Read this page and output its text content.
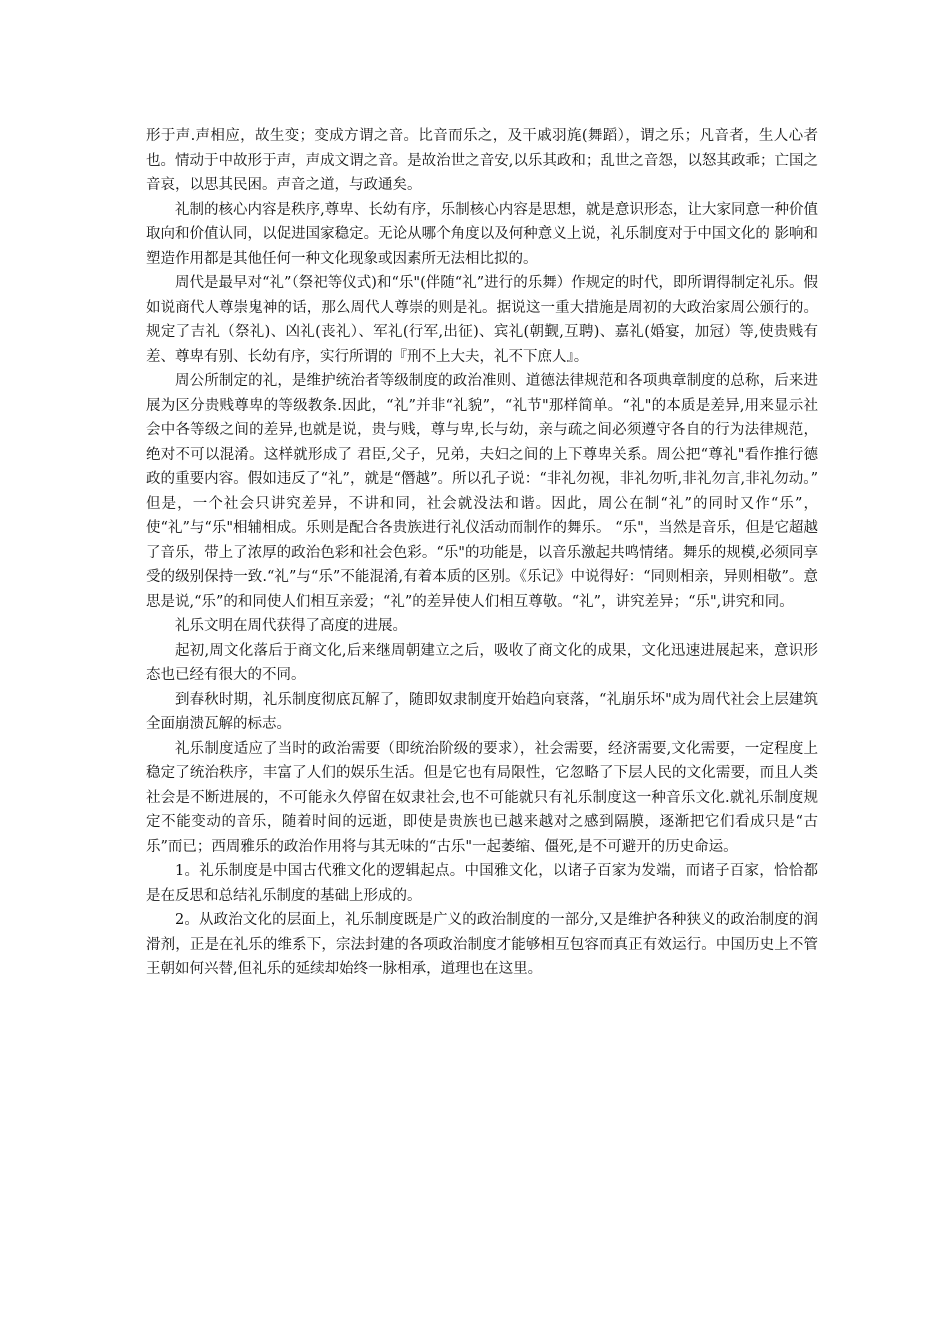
形于声.声相应，故生变；变成方谓之音。比音而乐之，及干戚羽旄(舞蹈），谓之乐；凡音者，生人心者也。情动于中故形于声，声成文谓之音。是故治世之音安,以乐其政和；乱世之音怨，以怒其政乖；亡国之音哀，以思其民困。声音之道，与政通矣。

礼制的核心内容是秩序,尊卑、长幼有序，乐制核心内容是思想，就是意识形态，让大家同意一种价值取向和价值认同，以促进国家稳定。无论从哪个角度以及何种意义上说，礼乐制度对于中国文化的 影响和塑造作用都是其他任何一种文化现象或因素所无法相比拟的。

周代是最早对“礼”（祭祀等仪式)和“乐"(伴随“礼”进行的乐舞）作规定的时代，即所谓得制定礼乐。假如说商代人尊崇鬼神的话，那么周代人尊崇的则是礼。据说这一重大措施是周初的大政治家周公颁行的。规定了吉礼（祭礼)、凶礼(丧礼）、军礼(行军,出征)、宾礼(朝觐,互聘)、嘉礼(婚宴，加冠）等,使贵贱有差、尊卑有别、长幼有序，实行所谓的『刑不上大夫，礼不下庶人』。

周公所制定的礼，是维护统治者等级制度的政治准则、道德法律规范和各项典章制度的总称，后来进展为区分贵贱尊卑的等级教条.因此，“礼”并非“礼貌”，“礼节"那样简单。“礼"的本质是差异,用来显示社会中各等级之间的差异,也就是说，贵与贱，尊与卑,长与幼，亲与疏之间必须遵守各自的行为法律规范，绝对不可以混淆。这样就形成了 君臣,父子，兄弟，夫妇之间的上下尊卑关系。周公把“尊礼"看作推行德政的重要内容。假如违反了“礼”，就是“僭越”。所以孔子说：“非礼勿视，非礼勿听,非礼勿言,非礼勿动。” 但是，一个社会只讲究差异，不讲和同，社会就没法和谐。因此，周公在制“礼”的同时又作“乐”，使“礼”与“乐"相辅相成。乐则是配合各贵族进行礼仪活动而制作的舞乐。 “乐"，当然是音乐，但是它超越了音乐，带上了浓厚的政治色彩和社会色彩。“乐"的功能是，以音乐激起共鸣情绪。舞乐的规模,必须同享受的级别保持一致.“礼”与“乐”不能混淆,有着本质的区别。《乐记》中说得好：“同则相亲，异则相敬”。意思是说,“乐”的和同使人们相互亲爱；“礼”的差异使人们相互尊敬。“礼”，讲究差异；“乐",讲究和同。

礼乐文明在周代获得了高度的进展。

起初,周文化落后于商文化,后来继周朝建立之后，吸收了商文化的成果，文化迅速进展起来，意识形态也已经有很大的不同。

到春秋时期，礼乐制度彻底瓦解了，随即奴隶制度开始趋向衰落，“礼崩乐坏"成为周代社会上层建筑全面崩溃瓦解的标志。

礼乐制度适应了当时的政治需要（即统治阶级的要求），社会需要，经济需要,文化需要，一定程度上稳定了统治秩序，丰富了人们的娱乐生活。但是它也有局限性，它忽略了下层人民的文化需要，而且人类社会是不断进展的，不可能永久停留在奴隶社会,也不可能就只有礼乐制度这一种音乐文化.就礼乐制度规定不能变动的音乐，随着时间的远逝，即使是贵族也已越来越对之感到隔膜，逐渐把它们看成只是“古乐”而已；西周雅乐的政治作用将与其无味的“古乐"一起萎缩、僵死,是不可避开的历史命运。

1。礼乐制度是中国古代雅文化的逻辑起点。中国雅文化，以诸子百家为发端，而诸子百家，恰恰都是在反思和总结礼乐制度的基础上形成的。

2。从政治文化的层面上，礼乐制度既是广义的政治制度的一部分,又是维护各种狭义的政治制度的润滑剂，正是在礼乐的维系下，宗法封建的各项政治制度才能够相互包容而真正有效运行。中国历史上不管王朝如何兴替,但礼乐的延续却始终一脉相承，道理也在这里。
